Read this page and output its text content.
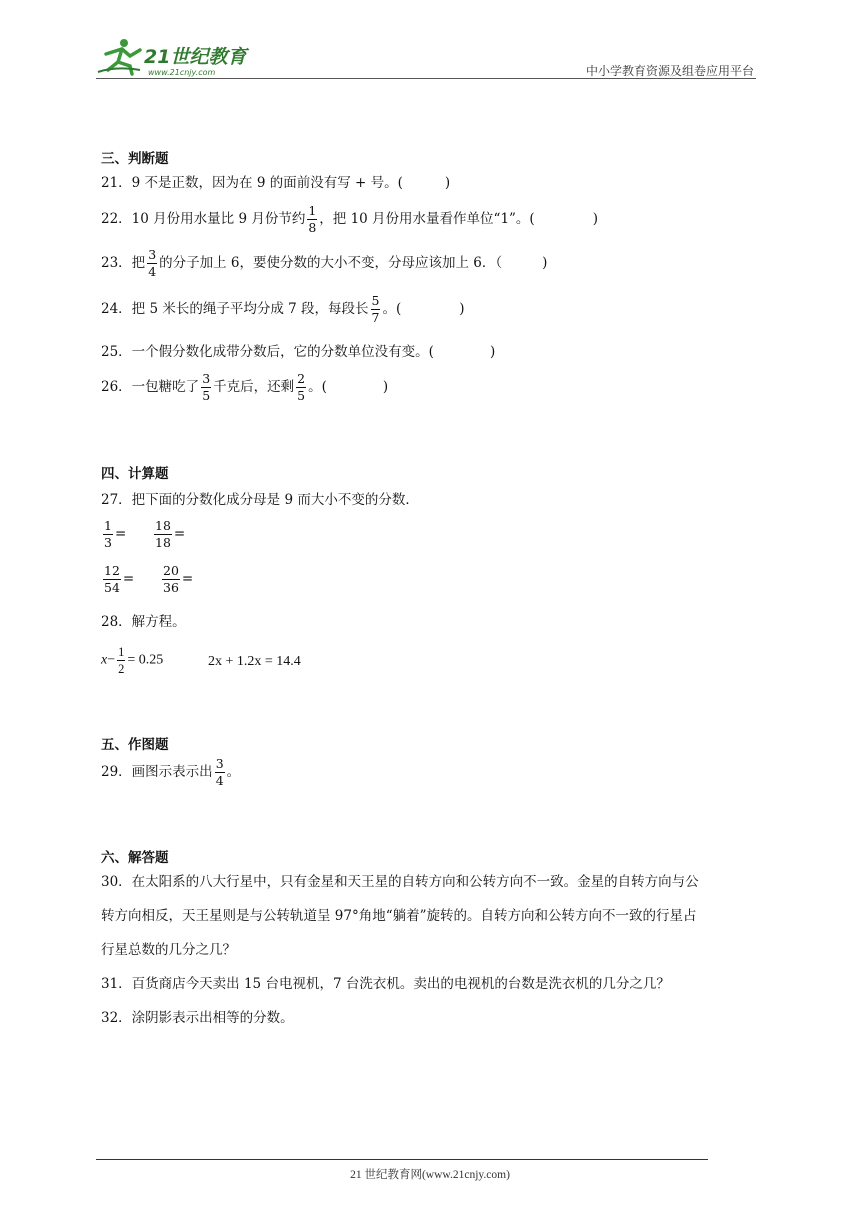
21世纪教育
www.21cnjy.com	中小学教育资源及组卷应用平台
三、判断题
21．9 不是正数，因为在 9 的面前没有写 + 号。(	)
22．10 月份用水量比 9 月份节约 $\frac{1}{8}$ ，把 10 月份用水量看作单位“1”。(	)
23．把 $\frac{3}{4}$ 的分子加上 6，要使分数的大小不变，分母应该加上 6．（	)
24．把 5 米长的绳子平均分成 7 段，每段长 $\frac{5}{7}$ 。(	)
25．一个假分数化成带分数后，它的分数单位没有变。(	)
26．一包糖吃了 $\frac{3}{5}$ 千克后，还剩 $\frac{2}{5}$ 。(	)
四、计算题
27．把下面的分数化成分母是 9 而大小不变的分数．
$\frac{1}{3} = \frac{18}{18}$ =
$\frac{12}{54} = \frac{20}{36}$ =
28．解方程。
$x- \frac{1}{2} = 0.25$	2x + 1.2x = 14.4
五、作图题
29．画图示表示出 $\frac{3}{4}$ 。
六、解答题
30．在太阳系的八大行星中，只有金星和天王星的自转方向和公转方向不一致。金星的自转方向与公
转方向相反，天王星则是与公转轨道呈 97°角地“躺着”旋转的。自转方向和公转方向不一致的行星占
行星总数的几分之几？
31．百货商店今天卖出 15 台电视机，7 台洗衣机。卖出的电视机的台数是洗衣机的几分之几？
32．涂阴影表示出相等的分数。
21 世纪教育网(www.21cnjy.com)
